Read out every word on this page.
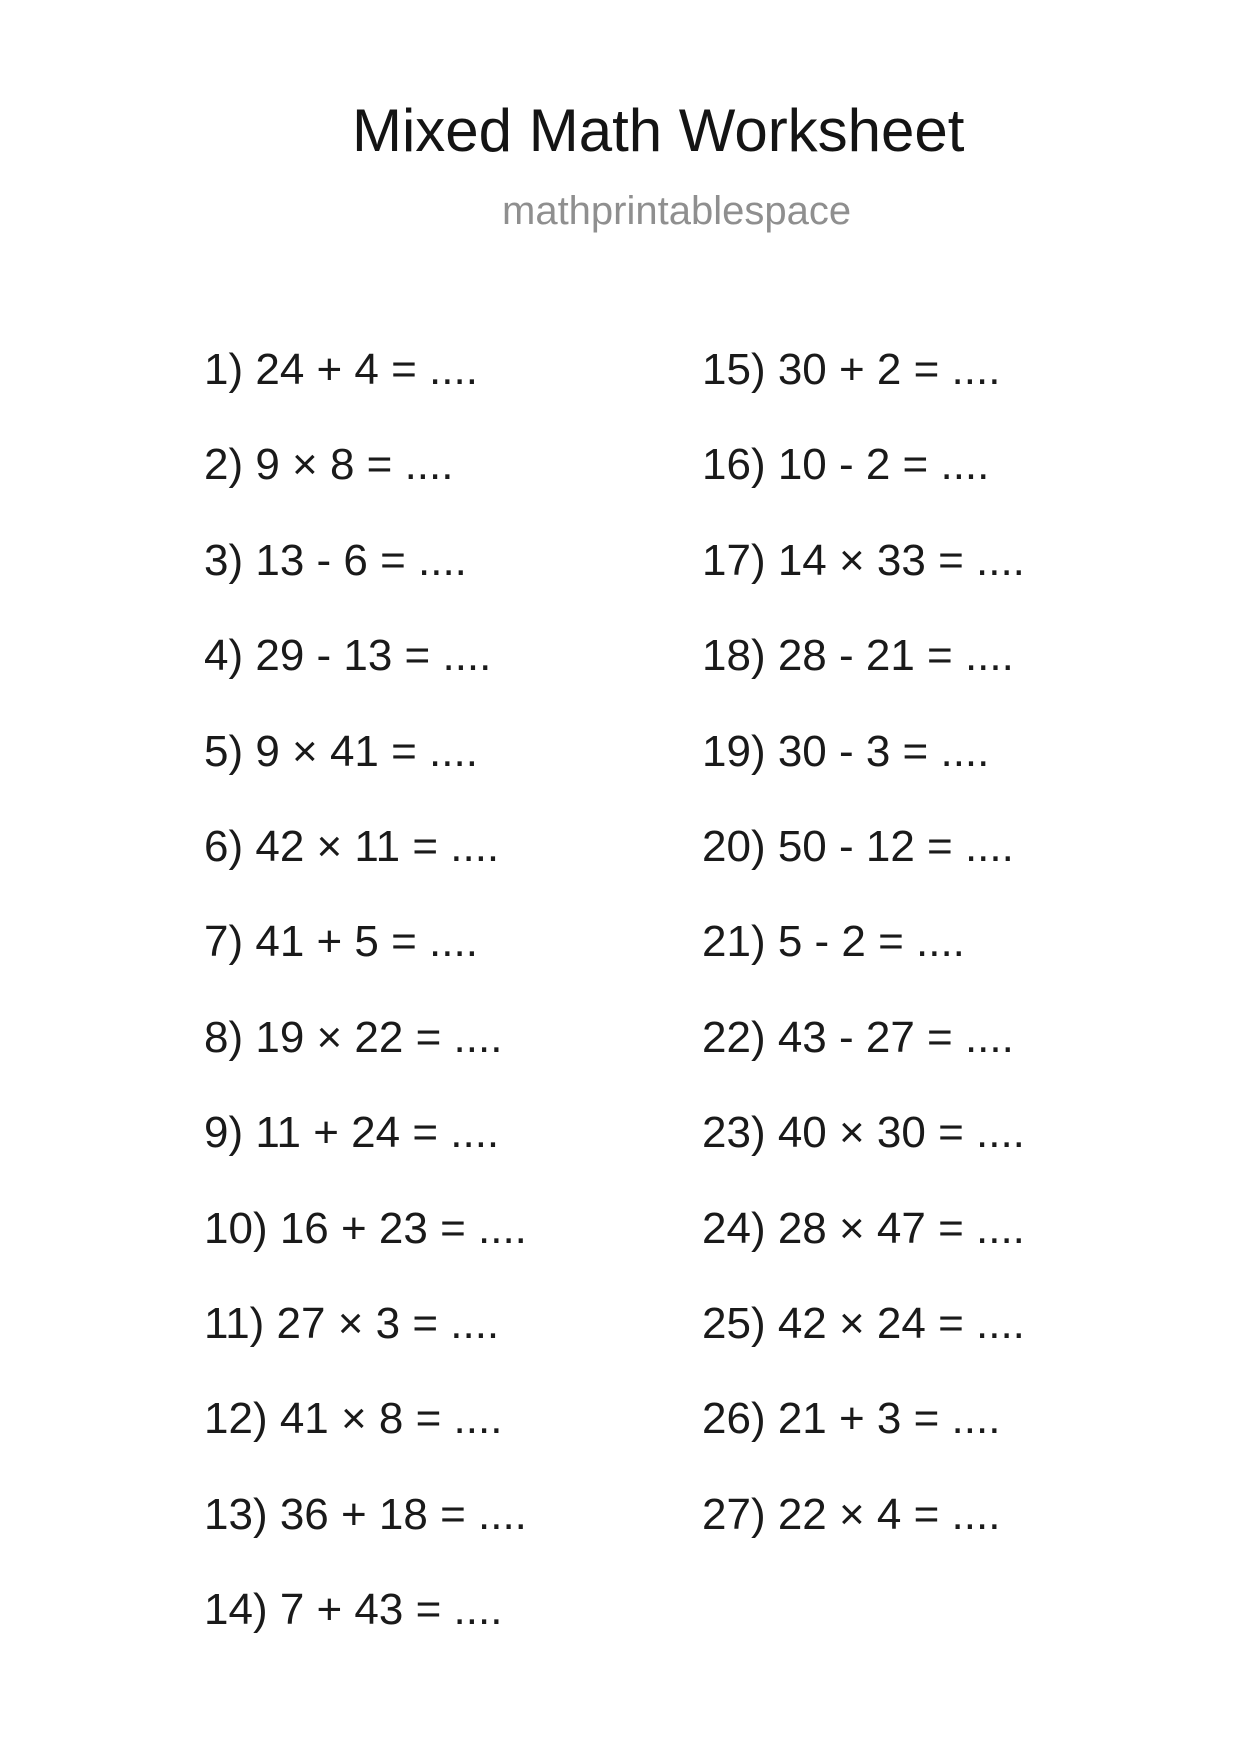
Mixed Math Worksheet
mathprintablespace
1) 24 + 4 = ....	15) 30 + 2 = ....
2) 9 × 8 = ....	16) 10 - 2 = ....
3) 13 - 6 = ....	17) 14 × 33 = ....
4) 29 - 13 = ....	18) 28 - 21 = ....
5) 9 × 41 = ....	19) 30 - 3 = ....
6) 42 × 11 = ....	20) 50 - 12 = ....
7) 41 + 5 = ....	21) 5 - 2 = ....
8) 19 × 22 = ....	22) 43 - 27 = ....
9) 11 + 24 = ....	23) 40 × 30 = ....
10) 16 + 23 = ....	24) 28 × 47 = ....
11) 27 × 3 = ....	25) 42 × 24 = ....
12) 41 × 8 = ....	26) 21 + 3 = ....
13) 36 + 18 = ....	27) 22 × 4 = ....
14) 7 + 43 = ....
